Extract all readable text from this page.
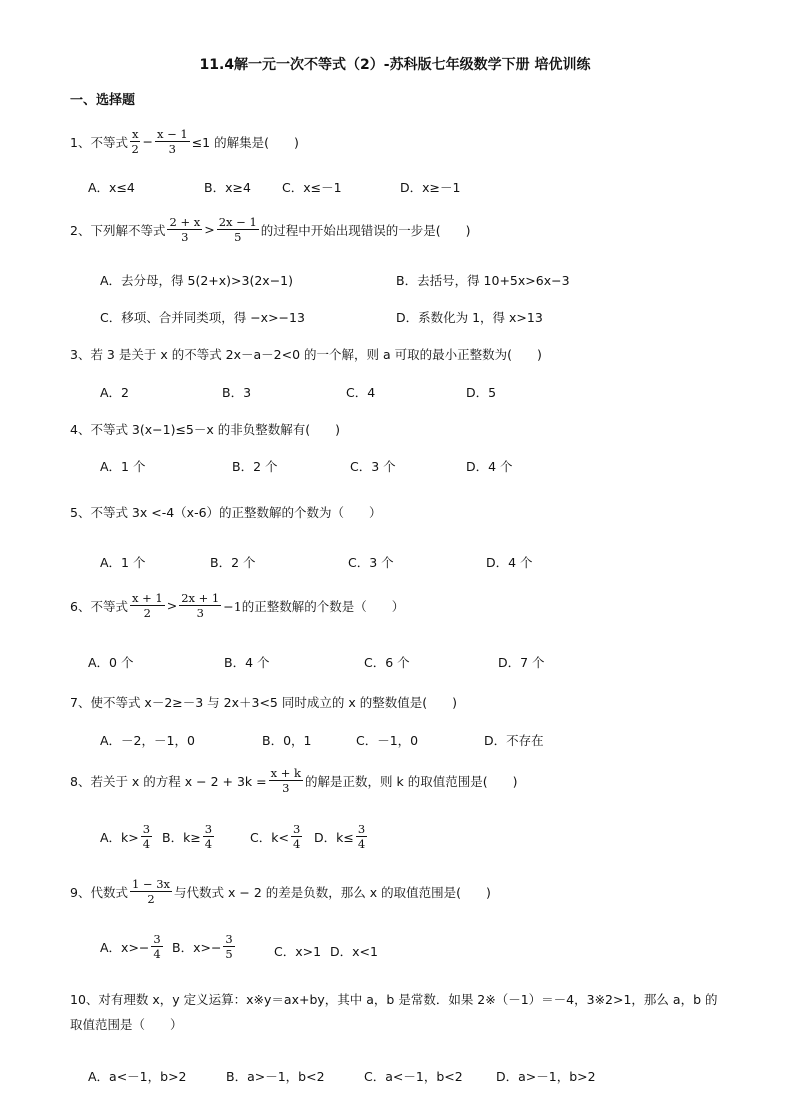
11.4解一元一次不等式（2）-苏科版七年级数学下册 培优训练
一、选择题
1、不等式 $\frac{x}{2} - \frac{x - 1}{3} \le 1$ 的解集是(　　)
A．x≤4	B．x≥4 C．x≤－1	D．x≥－1
2、下列解不等式 $\frac{2 + x}{3} > \frac{2x - 1}{5}$ 的过程中开始出现错误的一步是(　　)
A．去分母，得 5(2+x)>3(2x−1)	B．去括号，得 10+5x>6x−3
C．移项、合并同类项，得 −x>−13	D．系数化为 1，得 x>13
3、若 3 是关于 x 的不等式 2x－a－2<0 的一个解，则 a 可取的最小正整数为(　　)
A．2	B．3	C．4	D．5
4、不等式 3(x−1)≤5－x 的非负整数解有(　　)
A．1 个	B．2 个	C．3 个	D．4 个
5、不等式 3x <-4（x-6）的正整数解的个数为（　　）
A．1 个	B．2 个	C．3 个	D．4 个
6、不等式 $\frac{x + 1}{2} > \frac{2x + 1}{3} -1$的正整数解的个数是（　　）
A．0 个	B．4 个	C．6 个	D．7 个
7、使不等式 x－2≥－3 与 2x＋3<5 同时成立的 x 的整数值是(　　)
A．－2，－1，0	B．0，1	C．－1，0	D．不存在
8、若关于 x 的方程 $x - 2 + 3k = \frac{x + k}{3}$ 的解是正数，则 k 的取值范围是(　　)
A．$k> \frac{3}{4}$ B．$k\ge \frac{3}{4}$	C．$k< \frac{3}{4}$ D．$k\le \frac{3}{4}$
9、代数式 $\frac{1 - 3x}{2}$ 与代数式 x − 2 的差是负数，那么 x 的取值范围是(　　)
A．$x>- \frac{3}{4}$ B．$x>- \frac{3}{5}$	C．x>1 D．x<1
10、对有理数 x，y 定义运算：x※y＝ax+by，其中 a，b 是常数．如果 2※（－1）＝－4，3※2>1，那么 a，b 的取值范围是（　　）
A．a<－1，b>2	B．a>－1，b<2	C．a<－1，b<2	D．a>－1，b>2
